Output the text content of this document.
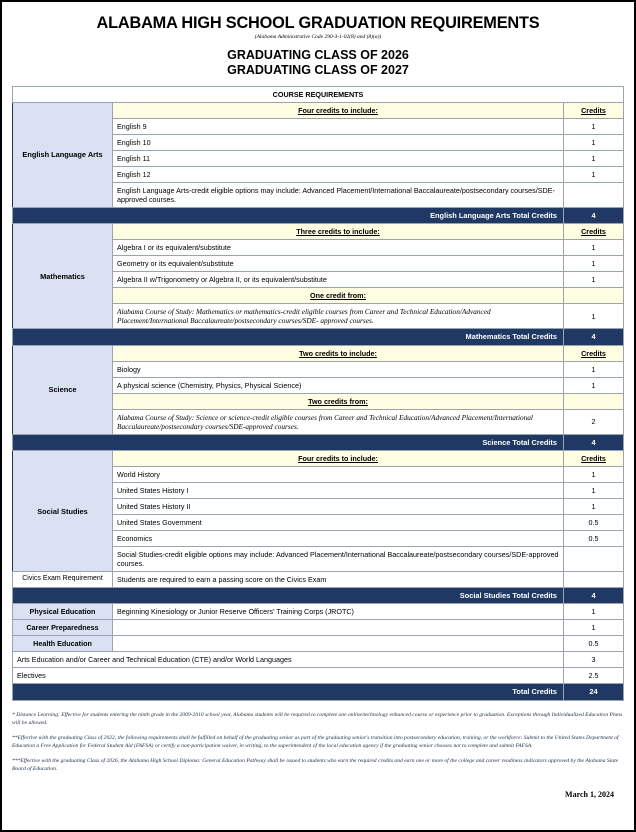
ALABAMA HIGH SCHOOL GRADUATION REQUIREMENTS
(Alabama Administrative Code 290-3-1-02(8) and (8)(a))
GRADUATING CLASS OF 2026
GRADUATING CLASS OF 2027
COURSE REQUIREMENTS		
English Language Arts	Four credits to include:	Credits
	English 9	1
	English 10	1
	English 11	1
	English 12	1
	English Language Arts-credit eligible options may include: Advanced Placement/International Baccalaureate/postsecondary courses/SDE-approved courses.	
English Language Arts Total Credits		4
Mathematics	Three credits to include:	Credits
	Algebra I or its equivalent/substitute	1
	Geometry or its equivalent/substitute	1
	Algebra II w/Trigonometry or Algebra II, or its equivalent/substitute	1
	One credit from:	
	Alabama Course of Study: Mathematics or mathematics-credit eligible courses from Career and Technical Education/Advanced Placement/International Baccalaureate/postsecondary courses/SDE- approved courses.	1
Mathematics Total Credits		4
Science	Two credits to include:	Credits
	Biology	1
	A physical science (Chemistry, Physics, Physical Science)	1
	Two credits from:	
	Alabama Course of Study: Science or science-credit eligible courses from Career and Technical Education/Advanced Placement/International Baccalaureate/postsecondary courses/SDE-approved courses.	2
Science Total Credits		4
Social Studies	Four credits to include:	Credits
	World History	1
	United States History I	1
	United States History II	1
	United States Government	0.5
	Economics	0.5
	Social Studies-credit eligible options may include: Advanced Placement/International Baccalaureate/postsecondary courses/SDE-approved courses.	
Civics Exam Requirement	Students are required to earn a passing score on the Civics Exam	
Social Studies Total Credits		4
Physical Education	Beginning Kinesiology or Junior Reserve Officers' Training Corps (JROTC)	1
Career Preparedness		1
Health Education		0.5
Arts Education and/or Career and Technical Education (CTE) and/or World Languages		3
Electives		2.5
Total Credits		24

* Distance Learning: Effective for students entering the ninth grade in the 2009-2010 school year, Alabama students will be required to complete one online/technology enhanced course or experience prior to graduation. Exceptions through Individualized Education Plans will be allowed.

**Effective with the graduating Class of 2022, the following requirements shall be fulfilled on behalf of the graduating senior as part of the graduating senior's transition into postsecondary education, training, or the workforce: Submit to the United States Department of Education a Free Application for Federal Student Aid (FAFSA) or certify a non-participation waiver, in writing, to the superintendent of the local education agency if the graduating senior chooses not to complete and submit FAFSA.

***Effective with the graduating Class of 2026, the Alabama High School Diploma: General Education Pathway shall be issued to students who earn the required credits and earn one or more of the college and career readiness indicators approved by the Alabama State Board of Education.

March 1, 2024
